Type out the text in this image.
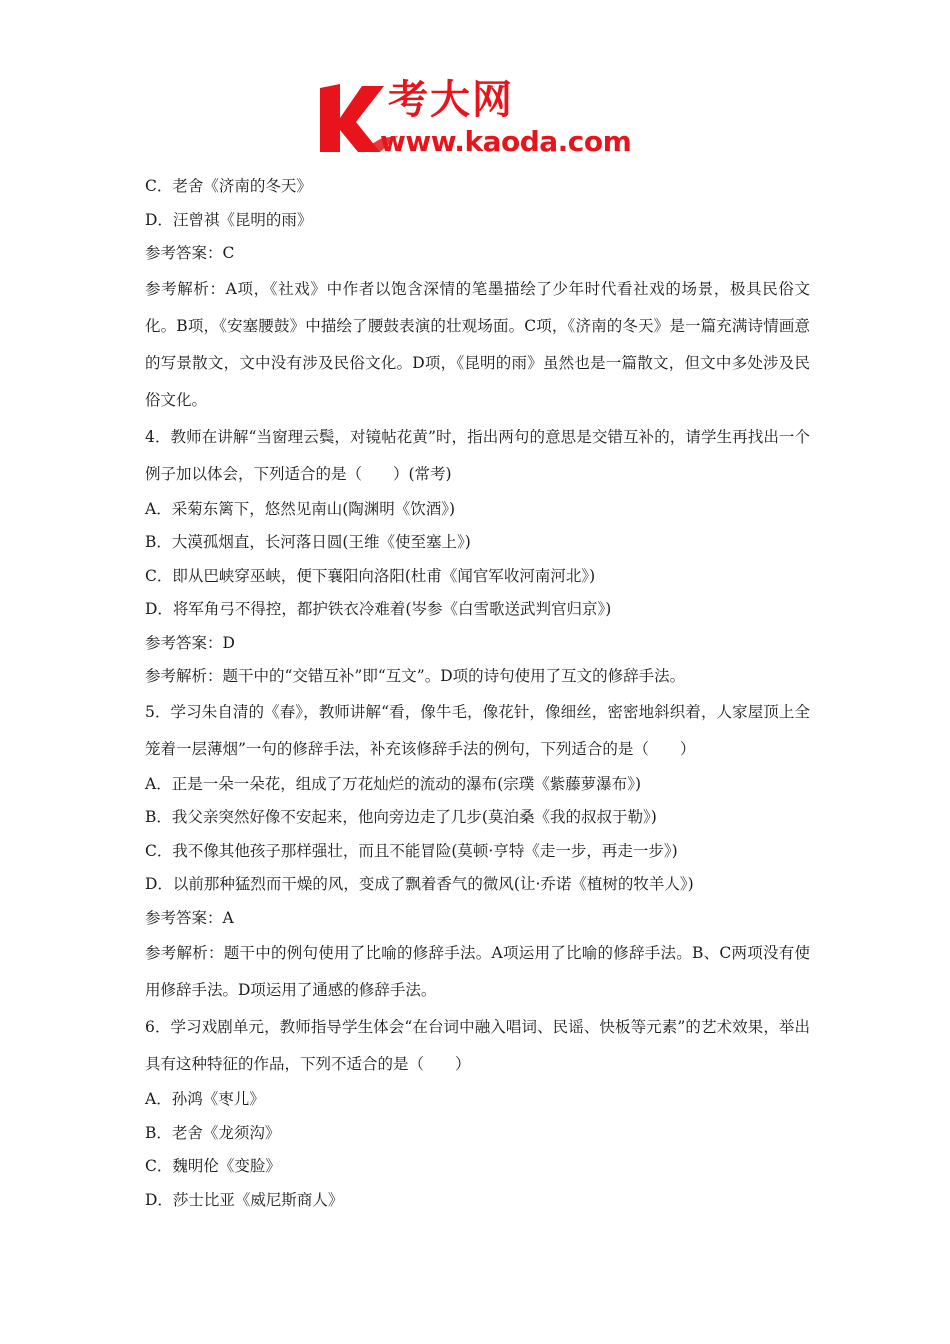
考大网
www.kaoda.com
C．老舍《济南的冬天》
D．汪曾祺《昆明的雨》
参考答案：C

参考解析：A项，《社戏》中作者以饱含深情的笔墨描绘了少年时代看社戏的场景，极具民俗文化。B项，《安塞腰鼓》中描绘了腰鼓表演的壮观场面。C项，《济南的冬天》是一篇充满诗情画意的写景散文，文中没有涉及民俗文化。D项，《昆明的雨》虽然也是一篇散文，但文中多处涉及民俗文化。

4．教师在讲解“当窗理云鬓，对镜帖花黄”时，指出两句的意思是交错互补的，请学生再找出一个例子加以体会，下列适合的是（　　）(常考)

A．采菊东篱下，悠然见南山(陶渊明《饮酒》)
B．大漠孤烟直，长河落日圆(王维《使至塞上》)
C．即从巴峡穿巫峡，便下襄阳向洛阳(杜甫《闻官军收河南河北》)
D．将军角弓不得控，都护铁衣冷难着(岑参《白雪歌送武判官归京》)
参考答案：D
参考解析：题干中的“交错互补”即“互文”。D项的诗句使用了互文的修辞手法。

5．学习朱自清的《春》，教师讲解“看，像牛毛，像花针，像细丝，密密地斜织着，人家屋顶上全笼着一层薄烟”一句的修辞手法，补充该修辞手法的例句，下列适合的是（　　）

A．正是一朵一朵花，组成了万花灿烂的流动的瀑布(宗璞《紫藤萝瀑布》)
B．我父亲突然好像不安起来，他向旁边走了几步(莫泊桑《我的叔叔于勒》)
C．我不像其他孩子那样强壮，而且不能冒险(莫顿·亨特《走一步，再走一步》)
D．以前那种猛烈而干燥的风，变成了飘着香气的微风(让·乔诺《植树的牧羊人》)
参考答案：A

参考解析：题干中的例句使用了比喻的修辞手法。A项运用了比喻的修辞手法。B、C两项没有使用修辞手法。D项运用了通感的修辞手法。

6．学习戏剧单元，教师指导学生体会“在台词中融入唱词、民谣、快板等元素”的艺术效果，举出具有这种特征的作品，下列不适合的是（　　）

A．孙鸿《枣儿》
B．老舍《龙须沟》
C．魏明伦《变脸》
D．莎士比亚《威尼斯商人》
